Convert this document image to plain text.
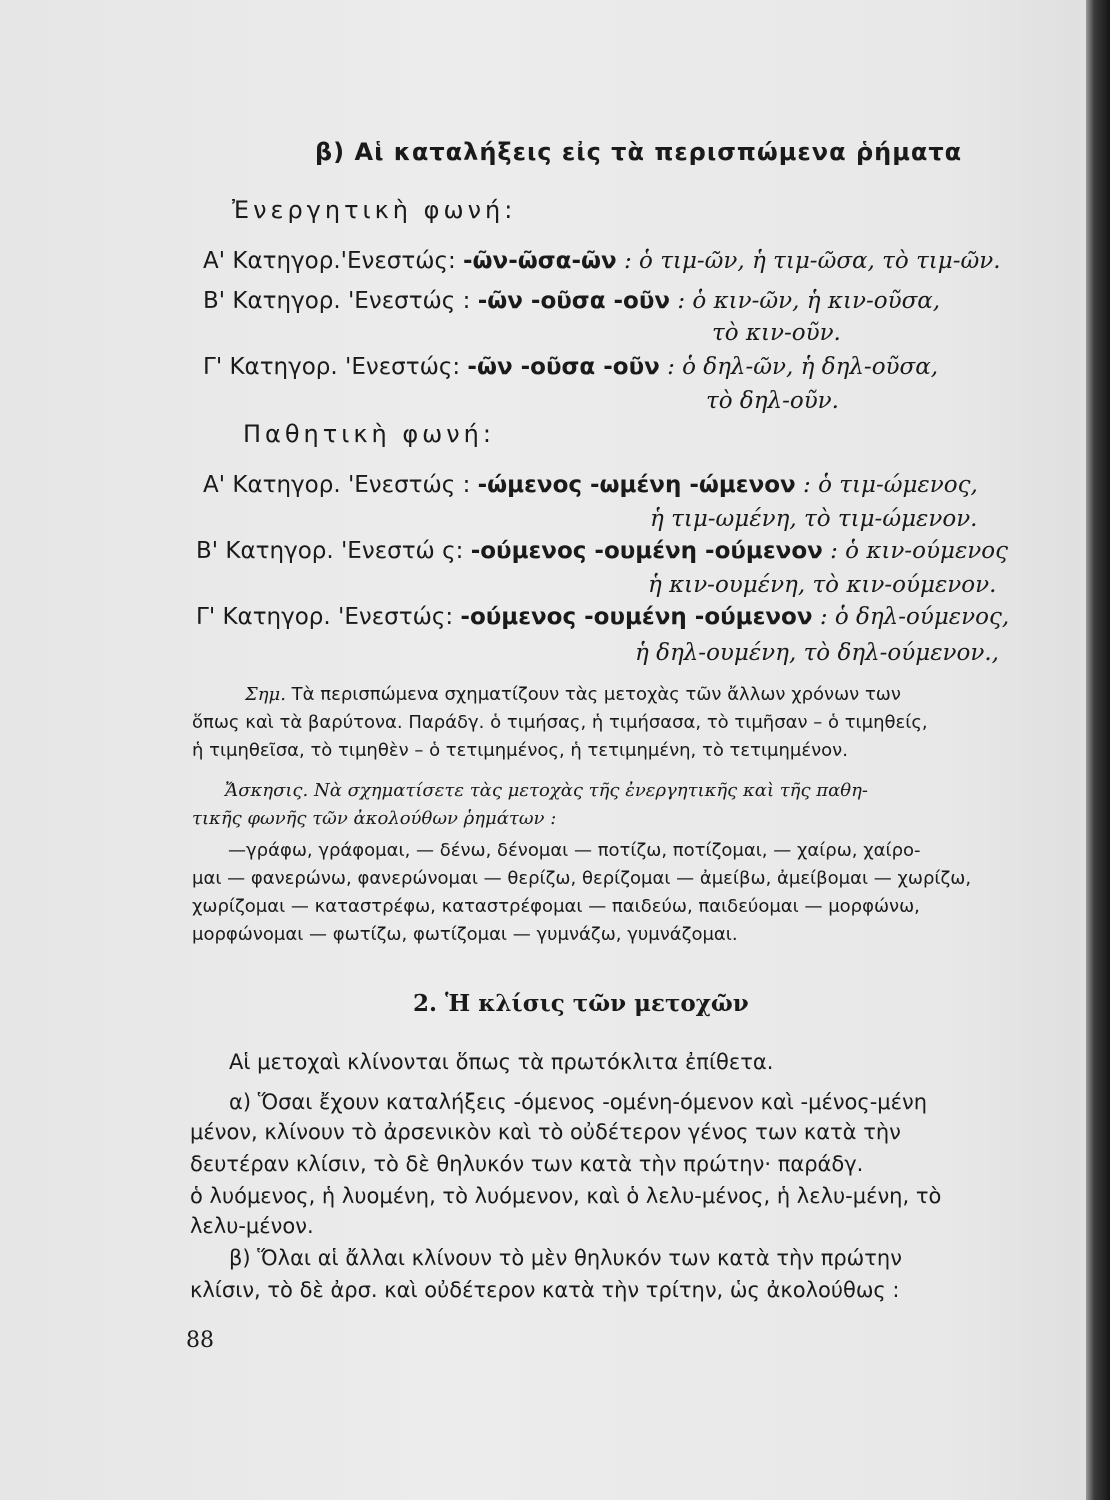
β) Αἱ καταλήξεις εἰς τὰ περισπώμενα ῥήματα
Ἐνεργητικὴ φωνή:
Α' Κατηγορ.'Ενεστώς: -ῶν-ῶσα-ῶν : ὁ τιμ-ῶν, ἡ τιμ-ῶσα, τὸ τιμ-ῶν.
Β' Κατηγορ. 'Ενεστώς : -ῶν -οῦσα -οῦν : ὁ κιν-ῶν, ἡ κιν-οῦσα,
τὸ κιν-οῦν.
Γ' Κατηγορ. 'Ενεστώς: -ῶν -οῦσα -οῦν : ὁ δηλ-ῶν, ἡ δηλ-οῦσα,
τὸ δηλ-οῦν.
Παθητικὴ φωνή:
Α' Κατηγορ. 'Ενεστώς : -ώμενος -ωμένη -ώμενον : ὁ τιμ-ώμενος,
ἡ τιμ-ωμένη, τὸ τιμ-ώμενον.
Β' Κατηγορ. 'Ενεστώ ς: -ούμενος -ουμένη -ούμενον : ὁ κιν-ούμενος
ἡ κιν-ουμένη, τὸ κιν-ούμενον.
Γ' Κατηγορ. 'Ενεστώς: -ούμενος -ουμένη -ούμενον : ὁ δηλ-ούμενος,
ἡ δηλ-ουμένη, τὸ δηλ-ούμενον.,
Σημ. Τὰ περισπώμενα σχηματίζουν τὰς μετοχὰς τῶν ἄλλων χρόνων των
ὅπως καὶ τὰ βαρύτονα. Παράδγ. ὁ τιμήσας, ἡ τιμήσασα, τὸ τιμῆσαν – ὁ τιμηθείς,
ἡ τιμηθεῖσα, τὸ τιμηθὲν – ὁ τετιμημένος, ἡ τετιμημένη, τὸ τετιμημένον.
Ἄσκησις. Νὰ σχηματίσετε τὰς μετοχὰς τῆς ἐνεργητικῆς καὶ τῆς παθη-
τικῆς φωνῆς τῶν ἀκολούθων ῥημάτων :
—γράφω, γράφομαι, — δένω, δένομαι — ποτίζω, ποτίζομαι, — χαίρω, χαίρο-
μαι — φανερώνω, φανερώνομαι — θερίζω, θερίζομαι — ἀμείβω, ἀμείβομαι — χωρίζω,
χωρίζομαι — καταστρέφω, καταστρέφομαι — παιδεύω, παιδεύομαι — μορφώνω,
μορφώνομαι — φωτίζω, φωτίζομαι — γυμνάζω, γυμνάζομαι.
2. Ἡ κλίσις τῶν μετοχῶν
Αἱ μετοχαὶ κλίνονται ὅπως τὰ πρωτόκλιτα ἐπίθετα.
α) Ὅσαι ἔχουν καταλήξεις -όμενος -ομένη-όμενον καὶ -μένος-μένη
μένον, κλίνουν τὸ ἀρσενικὸν καὶ τὸ οὐδέτερον γένος των κατὰ τὴν
δευτέραν κλίσιν, τὸ δὲ θηλυκόν των κατὰ τὴν πρώτην· παράδγ.
ὁ λυόμενος, ἡ λυομένη, τὸ λυόμενον, καὶ ὁ λελυ-μένος, ἡ λελυ-μένη, τὸ
λελυ-μένον.
β) Ὅλαι αἱ ἄλλαι κλίνουν τὸ μὲν θηλυκόν των κατὰ τὴν πρώτην
κλίσιν, τὸ δὲ ἀρσ. καὶ οὐδέτερον κατὰ τὴν τρίτην, ὡς ἀκολούθως :
88
